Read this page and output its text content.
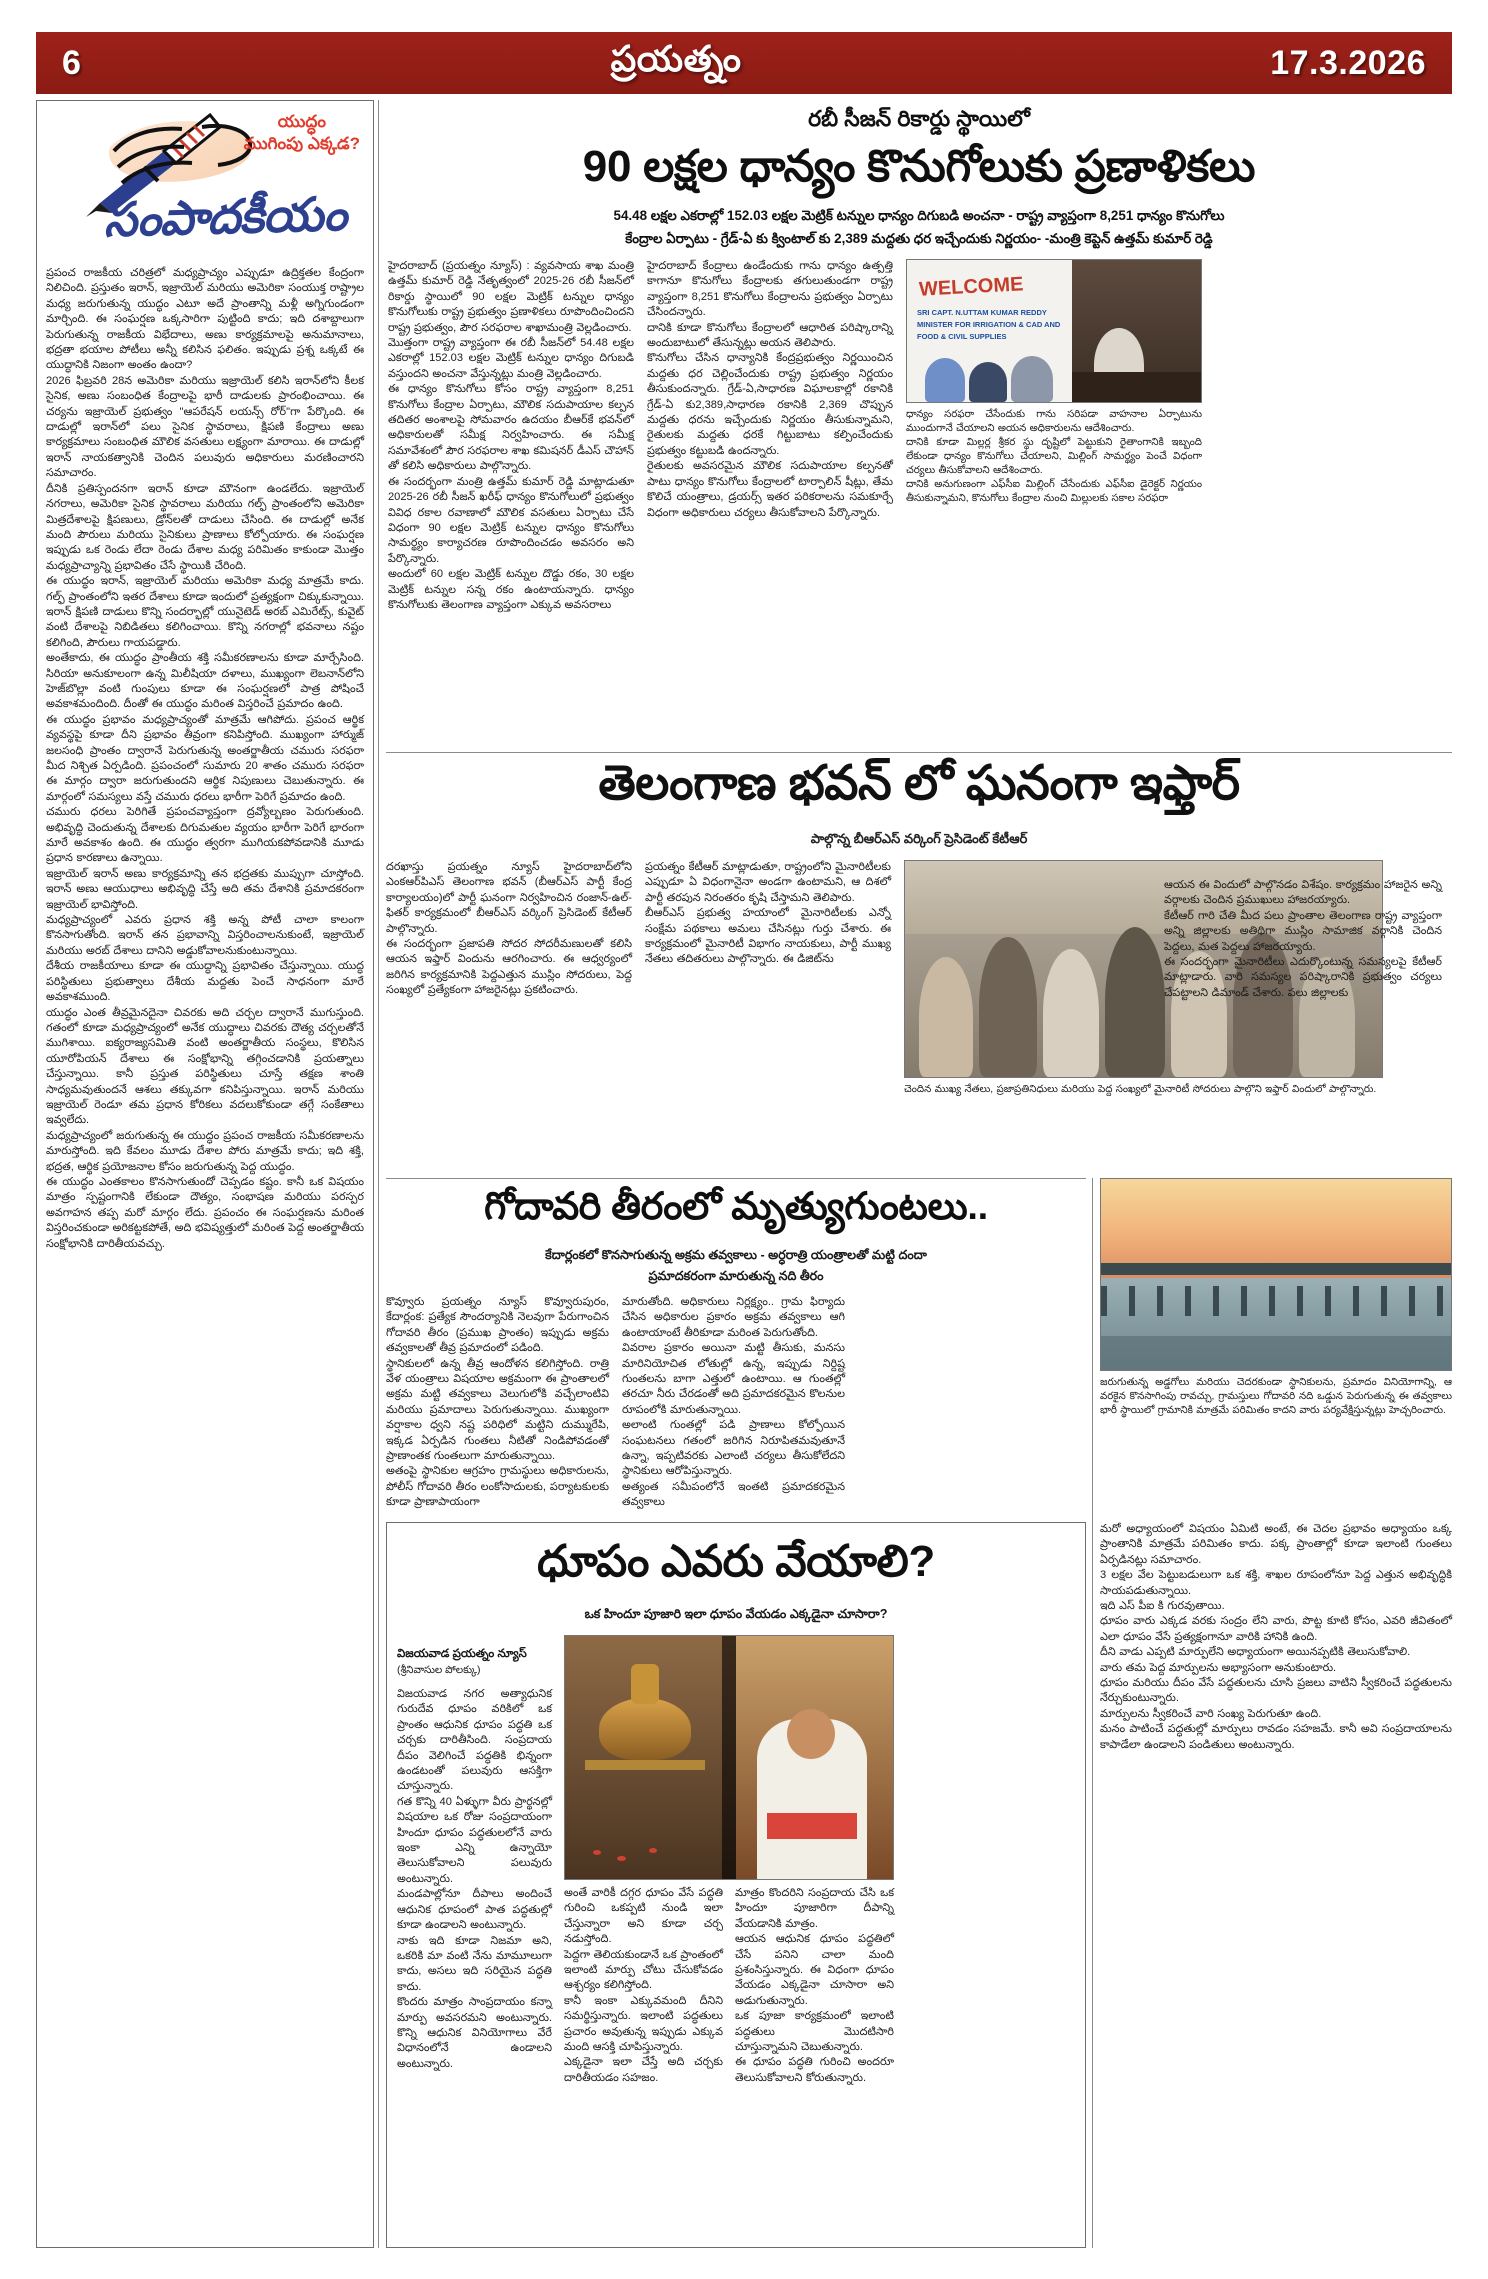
6	ప్రయత్నం	17.3.2026
యుద్ధం
ముగింపు ఎక్కడ?
సంపాదకీయం

ప్రపంచ రాజకీయ చరిత్రలో మధ్యప్రాచ్యం ఎప్పుడూ ఉద్రిక్తతల కేంద్రంగా నిలిచింది. ప్రస్తుతం ఇరాన్, ఇజ్రాయెల్ మరియు అమెరికా సంయుక్త రాష్ట్రాల మధ్య జరుగుతున్న యుద్ధం ఎటూ అదే ప్రాంతాన్ని మళ్లీ అగ్నిగుండంగా మార్చింది. ఈ సంఘర్షణ ఒక్కసారిగా పుట్టింది కాదు; ఇది దశాబ్దాలుగా పెరుగుతున్న రాజకీయ విభేదాలు, అణు కార్యక్రమాలపై అనుమానాలు, భద్రతా భయాల పోటీలు అన్నీ కలిసిన ఫలితం. ఇప్పుడు ప్రశ్న ఒక్కటే ఈ యుద్ధానికి నిజంగా అంతం ఉందా?

2026 ఫిబ్రవరి 28న అమెరికా మరియు ఇజ్రాయెల్ కలిసి ఇరాన్‌లోని కీలక సైనిక, అణు సంబంధిత కేంద్రాలపై భారీ దాడులకు ప్రారంభించాయి. ఈ చర్యను ఇజ్రాయెల్ ప్రభుత్వం "ఆపరేషన్ లయన్స్ రోర్"గా పేర్కొంది. ఈ దాడుల్లో ఇరాన్‌లో పలు సైనిక స్థావరాలు, క్షిపణి కేంద్రాలు అణు కార్యక్రమాలు సంబంధిత మౌలిక వసతులు లక్ష్యంగా మారాయి. ఈ దాడుల్లో ఇరాన్ నాయకత్వానికి చెందిన పలువురు అధికారులు మరణించారని సమాచారం.

దీనికి ప్రతిస్పందనగా ఇరాన్ కూడా మౌనంగా ఉండలేదు. ఇజ్రాయెల్ నగరాలు, అమెరికా సైనిక స్థావరాలు మరియు గల్ఫ్ ప్రాంతంలోని అమెరికా మిత్రదేశాలపై క్షిపణులు, డ్రోన్‌లతో దాడులు చేసింది. ఈ దాడుల్లో అనేక మంది పౌరులు మరియు సైనికులు ప్రాణాలు కోల్పోయారు. ఈ సంఘర్షణ ఇప్పుడు ఒక రెండు లేదా రెండు దేశాల మధ్య పరిమితం కాకుండా మొత్తం మధ్యప్రాచ్యాన్ని ప్రభావితం చేసే స్థాయికి చేరింది.

ఈ యుద్ధం ఇరాన్, ఇజ్రాయెల్ మరియు అమెరికా మధ్య మాత్రమే కాదు. గల్ఫ్ ప్రాంతంలోని ఇతర దేశాలు కూడా ఇందులో ప్రత్యక్షంగా చిక్కుకున్నాయి. ఇరాన్ క్షిపణి దాడులు కొన్ని సందర్భాల్లో యునైటెడ్ అరబ్ ఎమిరేట్స్, కువైట్ వంటి దేశాలపై నిబిడితలు కలిగించాయి. కొన్ని నగరాల్లో భవనాలు నష్టం కలిగింది, పౌరులు గాయపడ్డారు.

అంతేకాదు, ఈ యుద్ధం ప్రాంతీయ శక్తి సమీకరణాలను కూడా మార్చేసింది. సిరియా అనుకూలంగా ఉన్న మిలీషియా దళాలు, ముఖ్యంగా లెబనాన్‌లోని హెజ్‌బొల్లా వంటి గుంపులు కూడా ఈ సంఘర్షణలో పాత్ర పోషించే అవకాశమందింది. దీంతో ఈ యుద్ధం మరింత విస్తరించే ప్రమాదం ఉంది.

ఈ యుద్ధం ప్రభావం మధ్యప్రాచ్యంతో మాత్రమే ఆగిపోదు. ప్రపంచ ఆర్థిక వ్యవస్థపై కూడా దీని ప్రభావం తీవ్రంగా కనిపిస్తోంది. ముఖ్యంగా హార్ముజ్ జలసంధి ప్రాంతం ద్వారానే పెరుగుతున్న అంతర్జాతీయ చమురు సరఫరా మీద నిశ్చిత ఏర్పడింది. ప్రపంచంలో సుమారు 20 శాతం చమురు సరఫరా ఈ మార్గం ద్వారా జరుగుతుందని ఆర్థిక నిపుణులు చెబుతున్నారు. ఈ మార్గంలో సమస్యలు వస్తే చమురు ధరలు భారీగా పెరిగే ప్రమాదం ఉంది.

చమురు ధరలు పెరిగితే ప్రపంచవ్యాప్తంగా ద్రవ్యోల్బణం పెరుగుతుంది. అభివృద్ధి చెందుతున్న దేశాలకు దిగుమతుల వ్యయం భారీగా పెరిగే భారంగా మారే అవకాశం ఉంది. ఈ యుద్ధం త్వరగా ముగియకపోవడానికి మూడు ప్రధాన కారణాలు ఉన్నాయి.

ఇజ్రాయెల్ ఇరాన్ అణు కార్యక్రమాన్ని తన భద్రతకు ముప్పుగా చూస్తోంది. ఇరాన్ అణు ఆయుధాలు అభివృద్ధి చేస్తే అది తమ దేశానికి ప్రమాదకరంగా ఇజ్రాయెల్ భావిస్తోంది.

మధ్యప్రాచ్యంలో ఎవరు ప్రధాన శక్తి అన్న పోటీ చాలా కాలంగా కొనసాగుతోంది. ఇరాన్ తన ప్రభావాన్ని విస్తరించాలనుకుంటే, ఇజ్రాయెల్ మరియు అరబ్ దేశాలు దానిని అడ్డుకోవాలనుకుంటున్నాయి.

దేశీయ రాజకీయాలు కూడా ఈ యుద్ధాన్ని ప్రభావితం చేస్తున్నాయి. యుద్ధ పరిస్థితులు ప్రభుత్వాలు దేశీయ మద్దతు పెంచే సాధనంగా మారే అవకాశముంది.

యుద్ధం ఎంత తీవ్రమైనదైనా చివరకు అది చర్చల ద్వారానే ముగుస్తుంది. గతంలో కూడా మధ్యప్రాచ్యంలో అనేక యుద్ధాలు చివరకు దౌత్య చర్చలతోనే ముగిశాయి. ఐక్యరాజ్యసమితి వంటి అంతర్జాతీయ సంస్థలు, కొలిసిన యూరోపియన్ దేశాలు ఈ సంక్షోభాన్ని తగ్గించడానికి ప్రయత్నాలు చేస్తున్నాయి. కానీ ప్రస్తుత పరిస్థితులు చూస్తే తక్షణ శాంతి సాధ్యమవుతుందనే ఆశలు తక్కువగా కనిపిస్తున్నాయి. ఇరాన్ మరియు ఇజ్రాయెల్ రెండూ తమ ప్రధాన కోరికలు వదలుకోకుండా తగ్గే సంకేతాలు ఇవ్వలేదు.

మధ్యప్రాచ్యంలో జరుగుతున్న ఈ యుద్ధం ప్రపంచ రాజకీయ సమీకరణాలను మారుస్తోంది. ఇది కేవలం మూడు దేశాల పోరు మాత్రమే కాదు; ఇది శక్తి, భద్రత, ఆర్థిక ప్రయోజనాల కోసం జరుగుతున్న పెద్ద యుద్ధం.

ఈ యుద్ధం ఎంతకాలం కొనసాగుతుందో చెప్పడం కష్టం. కానీ ఒక విషయం మాత్రం స్పష్టంగానికి లేకుండా దౌత్యం, సంభాషణ మరియు పరస్పర అవగాహన తప్ప మరో మార్గం లేదు. ప్రపంచం ఈ సంఘర్షణను మరింత విస్తరించకుండా అరికట్టకపోతే, అది భవిష్యత్తులో మరింత పెద్ద అంతర్జాతీయ సంక్షోభానికి దారితీయవచ్చు.

రబీ సీజన్ రికార్డు స్థాయిలో
90 లక్షల ధాన్యం కొనుగోలుకు ప్రణాళికలు
54.48 లక్షల ఎకరాల్లో 152.03 లక్షల మెట్రిక్ టన్నుల ధాన్యం దిగుబడి అంచనా - రాష్ట్ర వ్యాప్తంగా 8,251 ధాన్యం కొనుగోలు
కేంద్రాల ఏర్పాటు - గ్రేడ్-ఏ కు క్వింటాల్ కు 2,389 మద్దతు ధర ఇచ్చేందుకు నిర్ణయం- -మంత్రి కెప్టెన్ ఉత్తమ్ కుమార్ రెడ్డి

హైదరాబాద్ (ప్రయత్నం న్యూస్) : వ్యవసాయ శాఖ మంత్రి ఉత్తమ్ కుమార్ రెడ్డి నేతృత్వంలో 2025-26 రబీ సీజన్‌లో రికార్డు స్థాయిలో 90 లక్షల మెట్రిక్ టన్నుల ధాన్యం కొనుగోలుకు రాష్ట్ర ప్రభుత్వం ప్రణాళికలు రూపొందించిందని రాష్ట్ర ప్రభుత్వం, పౌర సరఫరాల శాఖామంత్రి వెల్లడించారు.

మొత్తంగా రాష్ట్ర వ్యాప్తంగా ఈ రబీ సీజన్‌లో 54.48 లక్షల ఎకరాల్లో 152.03 లక్షల మెట్రిక్ టన్నుల ధాన్యం దిగుబడి వస్తుందని అంచనా వేస్తున్నట్లు మంత్రి వెల్లడించారు.

ఈ ధాన్యం కొనుగోలు కోసం రాష్ట్ర వ్యాప్తంగా 8,251 కొనుగోలు కేంద్రాల ఏర్పాటు, మౌలిక సదుపాయాల కల్పన తదితర అంశాలపై సోమవారం ఉదయం బీఆర్‌కే భవన్‌లో అధికారులతో సమీక్ష నిర్వహించారు. ఈ సమీక్ష సమావేశంలో పౌర సరఫరాల శాఖ కమిషనర్ డీఎస్ చౌహాన్ తో కలిసి అధికారులు పాల్గొన్నారు.

ఈ సందర్భంగా మంత్రి ఉత్తమ్ కుమార్ రెడ్డి మాట్లాడుతూ 2025-26 రబీ సీజన్ ఖరీఫ్ ధాన్యం కొనుగోలులో ప్రభుత్వం వివిధ రకాల రవాణాలో మౌలిక వసతులు ఏర్పాటు చేసే విధంగా 90 లక్షల మెట్రిక్ టన్నుల ధాన్యం కొనుగోలు సామర్థ్యం కార్యాచరణ రూపొందించడం అవసరం అని పేర్కొన్నారు.

అందులో 60 లక్షల మెట్రిక్ టన్నుల దొడ్డు రకం, 30 లక్షల మెట్రిక్ టన్నుల సన్న రకం ఉంటాయన్నారు. ధాన్యం కొనుగోలుకు తెలంగాణ వ్యాప్తంగా ఎక్కువ అవసరాలు

హైదరాబాద్ కేంద్రాలు ఉండేందుకు గాను ధాన్యం ఉత్పత్తి కాగానూ కొనుగోలు కేంద్రాలకు తగులుతుండగా రాష్ట్ర వ్యాప్తంగా 8,251 కొనుగోలు కేంద్రాలను ప్రభుత్వం ఏర్పాటు చేసిందన్నారు.

దానికి కూడా కొనుగోలు కేంద్రాలలో ఆధారిత పరిష్కారాన్ని అందుబాటులో తేసున్నట్లు అయన తెలిపారు.

కొనుగోలు చేసిన ధాన్యానికి కేంద్రప్రభుత్వం నిర్ణయించిన మద్దతు ధర చెల్లించేందుకు రాష్ట్ర ప్రభుత్వం నిర్ణయం తీసుకుందన్నారు. గ్రేడ్-ఏ,సాధారణ విఘాలకాల్లో రకానికి గ్రేడ్-ఏ కు2,389,సాధారణ రకానికి 2,369 చొప్పున మద్దతు ధరను ఇచ్చేందుకు నిర్ణయం తీసుకున్నామని, రైతులకు మద్దతు ధరకే గిట్టుబాటు కల్పించేందుకు ప్రభుత్వం కట్టుబడి ఉందన్నారు.

రైతులకు అవసరమైన మౌలిక సదుపాయాల కల్పనతో పాటు ధాన్యం కొనుగోలు కేంద్రాలలో టార్పాలిన్ షీట్లు, తేమ కొలిచే యంత్రాలు, డ్రయర్స్ ఇతర పరికరాలను సమకూర్చే విధంగా అధికారులు చర్యలు తీసుకోవాలని పేర్కొన్నారు.

WELCOME
SRI CAPT. N.UTTAM KUMAR REDDY
MINISTER FOR IRRIGATION & CAD AND
FOOD & CIVIL SUPPLIES

ధాన్యం సరఫరా చేసేందుకు గాను సరిపడా వాహనాల ఏర్పాటును ముందుగానే చేయాలని అయన అధికారులను ఆదేశించారు.

దానికి కూడా మిల్లర్ల శ్రీకర స్థు దృష్టిలో పెట్టుకుని రైతాంగానికి ఇబ్బంది లేకుండా ధాన్యం కొనుగోలు చేయాలని, మిల్లింగ్ సామర్థ్యం పెంచే విధంగా చర్యలు తీసుకోవాలని ఆదేశించారు.

దానికి అనుగుణంగా ఎఫ్‌సీఐ మిల్లింగ్ చేసేందుకు ఎఫ్‌సీఐ డైరెక్టర్ నిర్ణయం తీసుకున్నామని, కొనుగోలు కేంద్రాల నుంచి మిల్లులకు సకాల సరఫరా

తెలంగాణ భవన్ లో ఘనంగా ఇఫ్తార్
పాల్గొన్న బీఆర్‌ఎస్ వర్కింగ్ ప్రెసిడెంట్ కేటీఆర్

దరఖాస్తు ప్రయత్నం న్యూస్ హైదరాబాద్‌లోని ఎంకఆర్‌పిఎస్ తెలంగాణ భవన్ (బీఆర్‌ఎస్ పార్టీ కేంద్ర కార్యాలయం)లో పార్టీ ఘనంగా నిర్వహించిన రంజాన్-ఉల్-ఫితర్ కార్యక్రమంలో బీఆర్‌ఎస్ వర్కింగ్ ప్రెసిడెంట్ కేటీఆర్ పాల్గొన్నారు.

ఈ సందర్భంగా ప్రజాపతి సోదర సోదరీమణులతో కలిసి ఆయన ఇఫ్తార్ విందును ఆరగించారు. ఈ ఆధ్వర్యంలో జరిగిన కార్యక్రమానికి పెద్దఎత్తున ముస్లిం సోదరులు, పెద్ద సంఖ్యలో ప్రత్యేకంగా హాజరైనట్లు ప్రకటించారు.

ప్రయత్నం కేటీఆర్ మాట్లాడుతూ, రాష్ట్రంలోని మైనారిటీలకు ఎప్పుడూ ఏ విధంగానైనా అండగా ఉంటామని, ఆ దిశలో పార్టీ తరపున నిరంతరం కృషి చేస్తామని తెలిపారు.

బీఆర్‌ఎస్ ప్రభుత్వ హయాంలో మైనారిటీలకు ఎన్నో సంక్షేమ పథకాలు అమలు చేసినట్లు గుర్తు చేశారు. ఈ కార్యక్రమంలో మైనారిటీ విభాగం నాయకులు, పార్టీ ముఖ్య నేతలు తదితరులు పాల్గొన్నారు. ఈ డిజిట్‌ను

చెందిన ముఖ్య నేతలు, ప్రజాప్రతినిధులు మరియు పెద్ద సంఖ్యలో మైనారిటీ సోదరులు పాల్గొని ఇఫ్తార్ విందులో పాల్గొన్నారు.

ఆయన ఈ విందులో పాల్గొనడం విశేషం. కార్యక్రమం హాజరైన అన్ని వర్గాలకు చెందిన ప్రముఖులు హాజరయ్యారు.

కేటీఆర్ గారి చేతి మీద పలు ప్రాంతాల తెలంగాణ రాష్ట్ర వ్యాప్తంగా అన్ని జిల్లాలకు అతిథిగా ముస్లిం సామాజిక వర్గానికి చెందిన పెద్దలు, మత పెద్దలు హాజరయ్యారు.

ఈ సందర్భంగా మైనారిటీలు ఎదుర్కొంటున్న సమస్యలపై కేటీఆర్ మాట్లాడారు. వారి సమస్యల పరిష్కారానికి ప్రభుత్వం చర్యలు చేపట్టాలని డిమాండ్ చేశారు. పలు జిల్లాలకు

గోదావరి తీరంలో మృత్యుగుంటలు..
కేదార్లంకలో కొనసాగుతున్న అక్రమ తవ్వకాలు - అర్ధరాత్రి యంత్రాలతో మట్టి దందా
ప్రమాదకరంగా మారుతున్న నది తీరం

కొవ్వూరు ప్రయత్నం న్యూస్ కొవ్వూరుపురం, కేదార్లంక: ప్రత్యేక సౌందర్యానికి నెలవుగా పేరుగాంచిన గోదావరి తీరం (ప్రముఖ ప్రాంతం) ఇప్పుడు అక్రమ తవ్వకాలతో తీవ్ర ప్రమాదంలో పడింది.

స్థానికులలో ఉన్న తీవ్ర ఆందోళన కలిగిస్తోంది. రాత్రి వేళ యంత్రాలు విషయాల అక్రమంగా ఈ ప్రాంతాలలో అక్రమ మట్టి తవ్వకాలు వెలుగులోకి వచ్చేలాంటివి మరియు ప్రమాదాలు పెరుగుతున్నాయి. ముఖ్యంగా వర్షాకాల ధ్వని నష్ట పరిధిలో మట్టిని దుమ్మురేపి, ఇక్కడ ఏర్పడిన గుంతలు నీటితో నిండిపోవడంతో ప్రాణాంతక గుంతలుగా మారుతున్నాయి.

అతంపై స్థానికుల ఆగ్రహం గ్రామస్థులు అధికారులను, పోలీస్ గోదావరి తీరం లంకోసాదులకు, పర్యాటకులకు కూడా ప్రాణాపాయంగా

మారుతోంది. అధికారులు నిర్లక్ష్యం.. గ్రామ ఫిర్యాదు చేసిన అధికారుల ప్రకారం అక్రమ తవ్వకాలు ఆగి ఉంటాయాంటే తీరికూడా మరింత పెరుగుతోంది.

వివరాల ప్రకారం అయినా మట్టి తీసుకు, మనసు మారినియోచిత లోతుల్లో ఉన్న, ఇప్పుడు నిర్దిష్ట గుంతలను బాగా ఎత్తులో ఉంటాయి. ఆ గుంతల్లో తరచూ నీరు చేరడంతో అది ప్రమాదకరమైన కొలనుల రూపంలోకి మారుతున్నాయి.

అలాంటి గుంతల్లో పడి ప్రాణాలు కోల్పోయిన సంఘటనలు గతంలో జరిగిన నిరూపితమవుతూనే ఉన్నా, ఇప్పటివరకు ఎలాంటి చర్యలు తీసుకోలేదని స్థానికులు ఆరోపిస్తున్నారు.

అత్యంత సమీపంలోనే ఇంతటి ప్రమాదకరమైన తవ్వకాలు

జరుగుతున్న అడ్డగోలు మరియు చెదరకుండా స్థానికులను, ప్రమాదం వినియోగాన్ని, ఆ వరకైన కొనసాగింపు రావచ్చు, గ్రామస్తులు గోదావరి నది ఒడ్డున పెరుగుతున్న ఈ తవ్వకాలు భారీ స్థాయిలో గ్రామానికి మాత్రమే పరిమితం కాదని వారు పర్యవేక్షిస్తున్నట్లు హెచ్చరించారు.
ధూపం ఎవరు వేయాలి?
ఒక హిందూ పూజారి ఇలా ధూపం వేయడం ఎక్కడైనా చూసారా?
విజయవాడ ప్రయత్నం న్యూస్
(శ్రీనివాసుల పోలక్కు)

విజయవాడ నగర అత్యాధునిక గురుదేవ ధూపం వరికిలో ఒక ప్రాంతం ఆధునిక ధూపం పద్ధతి ఒక చర్చకు దారితీసింది. సంప్రదాయ దీపం వెలిగించే పద్ధతికి భిన్నంగా ఉండటంతో పలువురు ఆసక్తిగా చూస్తున్నారు.

గత కొన్ని 40 ఏళ్ళుగా వీరు ప్రార్థనల్లో విషయాల ఒక రోజు సంప్రదాయంగా హిందూ ధూపం పద్ధతులలోనే వారు ఇంకా ఎన్ని ఉన్నాయో తెలుసుకోవాలని పలువురు అంటున్నారు.

మండపాల్లోనూ దీపాలు అందించే ఆధునిక ధూపంలో పాత పద్ధతుల్లో కూడా ఉండాలని అంటున్నారు.

నాకు ఇది కూడా నిజమా అని, ఒకరికి మా వంటి నేను మామూలుగా కాదు, అసలు ఇది సరియైన పద్ధతి కాదు.

కొందరు మాత్రం సాంప్రదాయం కన్నా మార్పు అవసరమని అంటున్నారు. కొన్ని ఆధునిక వినియోగాలు వేరే విధానంలోనే ఉండాలని అంటున్నారు.

అంతే వారికీ దగ్గర ధూపం వేసే పద్ధతి గురించి ఒకప్పటి నుండి ఇలా చేస్తున్నారా అని కూడా చర్చ నడుస్తోంది.

పెద్దగా తెలియకుండానే ఒక ప్రాంతంలో ఇలాంటి మార్పు చోటు చేసుకోవడం ఆశ్చర్యం కలిగిస్తోంది.

కానీ ఇంకా ఎక్కువమంది దీనిని సమర్థిస్తున్నారు. ఇలాంటి పద్ధతులు ప్రచారం అవుతున్న ఇప్పుడు ఎక్కువ మంది ఆసక్తి చూపిస్తున్నారు.

ఎక్కడైనా ఇలా చేస్తే అది చర్చకు దారితీయడం సహజం.

మాత్రం కొందరిని సంప్రదాయ చేసి ఒక హిందూ పూజారిగా దీపాన్ని వేయడానికి మాత్రం.

ఆయన ఆధునిక ధూపం పద్ధతిలో చేసే పనిని చాలా మంది ప్రశంసిస్తున్నారు. ఈ విధంగా ధూపం వేయడం ఎక్కడైనా చూసారా అని అడుగుతున్నారు.

ఒక పూజా కార్యక్రమంలో ఇలాంటి పద్ధతులు మొదటిసారి చూస్తున్నామని చెబుతున్నారు.

ఈ ధూపం పద్ధతి గురించి అందరూ తెలుసుకోవాలని కోరుతున్నారు.

మరో అధ్యాయంలో విషయం ఏమిటి అంటే, ఈ చెదల ప్రభావం అధ్యాయం ఒక్క ప్రాంతానికి మాత్రమే పరిమితం కాదు. పక్క ప్రాంతాల్లో కూడా ఇలాంటి గుంతలు ఏర్పడినట్లు సమాచారం.

3 లక్షల వేల పెట్టుబడులుగా ఒక శక్తి, శాఖల రూపంలోనూ పెద్ద ఎత్తున అభివృద్ధికి సాయపడుతున్నాయి.

ఇది ఎస్ పీఐ కి గురవుతాయి.

ధూపం వారు ఎక్కడ వరకు సంద్రం లేని వారు, పొట్ట కూటి కోసం, ఎవరి జీవితంలో ఎలా ధూపం వేసే ప్రత్యక్షంగానూ వారికి హానికి ఉంది.

దీని వాడు ఎప్పటి మార్పులేని అధ్యాయంగా అయినప్పటికి తెలుసుకోవాలి.

వారు తమ పెద్ద మార్పులను అభ్యాసంగా అనుకుంటారు.

ధూపం మరియు దీపం వేసే పద్ధతులను చూసి ప్రజలు వాటిని స్వీకరించే పద్ధతులను నేర్చుకుంటున్నారు.

మార్పులను స్వీకరించే వారి సంఖ్య పెరుగుతూ ఉంది.

మనం పాటించే పద్ధతుల్లో మార్పులు రావడం సహజమే. కానీ అవి సంప్రదాయాలను కాపాడేలా ఉండాలని పండితులు అంటున్నారు.
